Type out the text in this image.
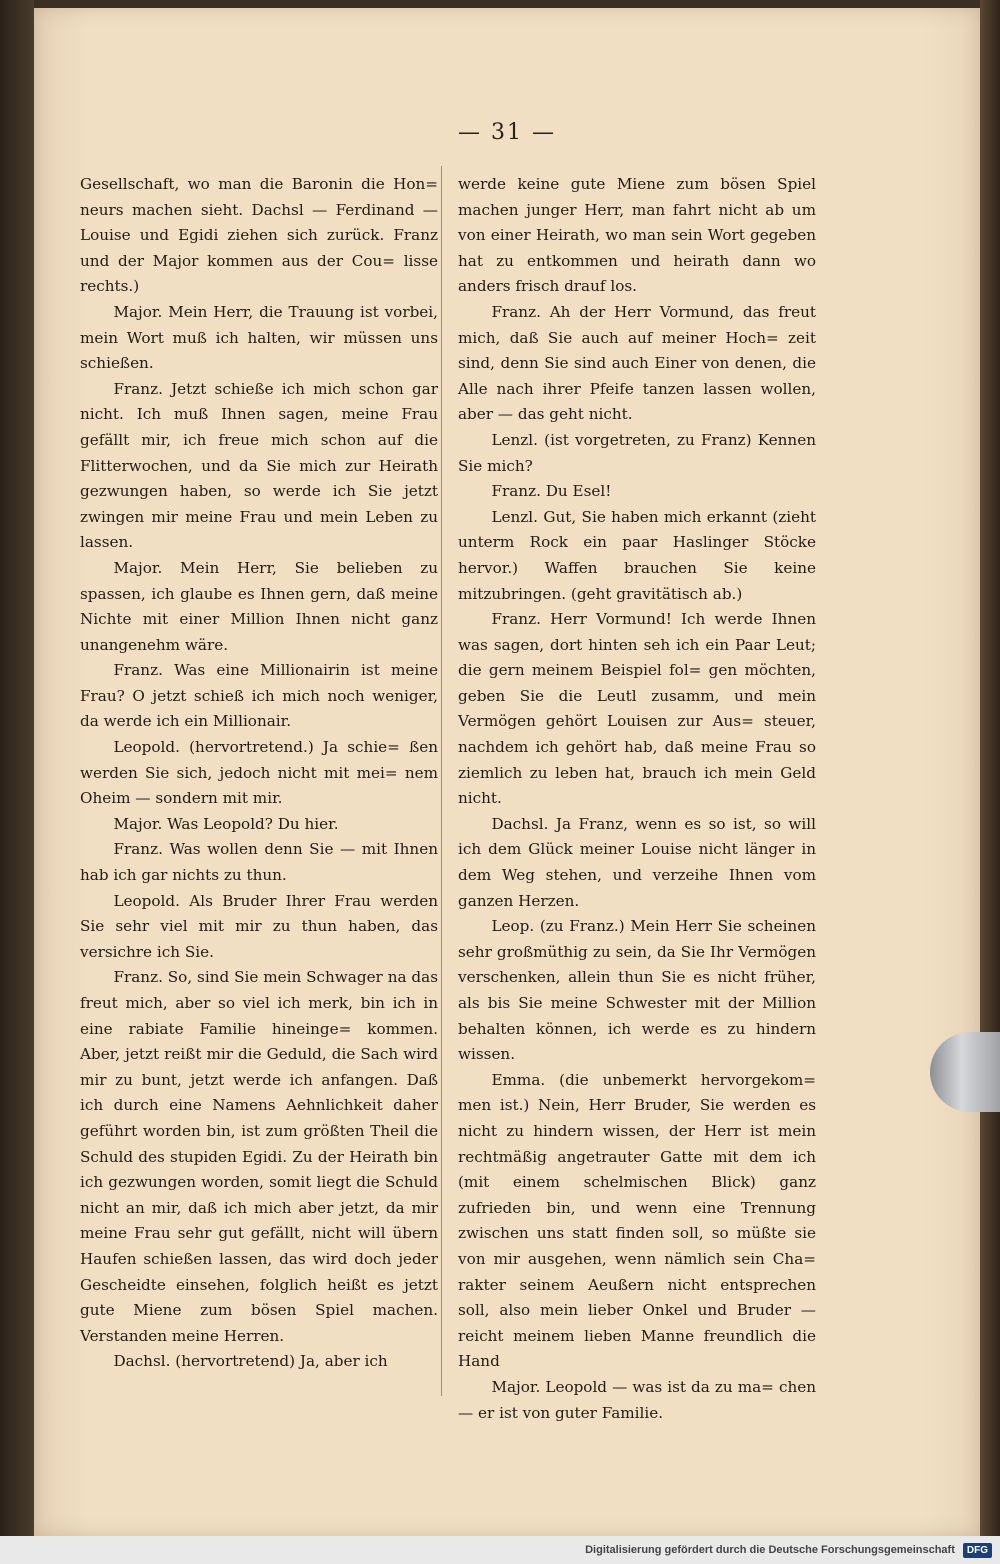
— 31 —

Gesellschaft, wo man die Baronin die Hon= neurs machen sieht. Dachsl — Ferdinand — Louise und Egidi ziehen sich zurück. Franz und der Major kommen aus der Cou= lisse rechts.)

Major. Mein Herr, die Trauung ist vorbei, mein Wort muß ich halten, wir müssen uns schießen.

Franz. Jetzt schieße ich mich schon gar nicht. Ich muß Ihnen sagen, meine Frau gefällt mir, ich freue mich schon auf die Flitterwochen, und da Sie mich zur Heirath gezwungen haben, so werde ich Sie jetzt zwingen mir meine Frau und mein Leben zu lassen.

Major. Mein Herr, Sie belieben zu spassen, ich glaube es Ihnen gern, daß meine Nichte mit einer Million Ihnen nicht ganz unangenehm wäre.

Franz. Was eine Millionairin ist meine Frau? O jetzt schieß ich mich noch weniger, da werde ich ein Millionair.

Leopold. (hervortretend.) Ja schie= ßen werden Sie sich, jedoch nicht mit mei= nem Oheim — sondern mit mir.

Major. Was Leopold? Du hier.

Franz. Was wollen denn Sie — mit Ihnen hab ich gar nichts zu thun.

Leopold. Als Bruder Ihrer Frau werden Sie sehr viel mit mir zu thun haben, das versichre ich Sie.

Franz. So, sind Sie mein Schwager na das freut mich, aber so viel ich merk, bin ich in eine rabiate Familie hineinge= kommen. Aber, jetzt reißt mir die Geduld, die Sach wird mir zu bunt, jetzt werde ich anfangen. Daß ich durch eine Namens Aehnlichkeit daher geführt worden bin, ist zum größten Theil die Schuld des stupiden Egidi. Zu der Heirath bin ich gezwungen worden, somit liegt die Schuld nicht an mir, daß ich mich aber jetzt, da mir meine Frau sehr gut gefällt, nicht will übern Haufen schießen lassen, das wird doch jeder Gescheidte einsehen, folglich heißt es jetzt gute Miene zum bösen Spiel machen. Verstanden meine Herren.

Dachsl. (hervortretend) Ja, aber ich

werde keine gute Miene zum bösen Spiel machen junger Herr, man fahrt nicht ab um von einer Heirath, wo man sein Wort gegeben hat zu entkommen und heirath dann wo anders frisch drauf los.

Franz. Ah der Herr Vormund, das freut mich, daß Sie auch auf meiner Hoch= zeit sind, denn Sie sind auch Einer von denen, die Alle nach ihrer Pfeife tanzen lassen wollen, aber — das geht nicht.

Lenzl. (ist vorgetreten, zu Franz) Kennen Sie mich?

Franz. Du Esel!

Lenzl. Gut, Sie haben mich erkannt (zieht unterm Rock ein paar Haslinger Stöcke hervor.) Waffen brauchen Sie keine mitzubringen. (geht gravitätisch ab.)

Franz. Herr Vormund! Ich werde Ihnen was sagen, dort hinten seh ich ein Paar Leut; die gern meinem Beispiel fol= gen möchten, geben Sie die Leutl zusamm, und mein Vermögen gehört Louisen zur Aus= steuer, nachdem ich gehört hab, daß meine Frau so ziemlich zu leben hat, brauch ich mein Geld nicht.

Dachsl. Ja Franz, wenn es so ist, so will ich dem Glück meiner Louise nicht länger in dem Weg stehen, und verzeihe Ihnen vom ganzen Herzen.

Leop. (zu Franz.) Mein Herr Sie scheinen sehr großmüthig zu sein, da Sie Ihr Vermögen verschenken, allein thun Sie es nicht früher, als bis Sie meine Schwester mit der Million behalten können, ich werde es zu hindern wissen.

Emma. (die unbemerkt hervorgekom= men ist.) Nein, Herr Bruder, Sie werden es nicht zu hindern wissen, der Herr ist mein rechtmäßig angetrauter Gatte mit dem ich (mit einem schelmischen Blick) ganz zufrieden bin, und wenn eine Trennung zwischen uns statt finden soll, so müßte sie von mir ausgehen, wenn nämlich sein Cha= rakter seinem Aeußern nicht entsprechen soll, also mein lieber Onkel und Bruder — reicht meinem lieben Manne freundlich die Hand

Major. Leopold — was ist da zu ma= chen — er ist von guter Familie.

Digitalisierung gefördert durch die Deutsche Forschungsgemeinschaft	DFG
